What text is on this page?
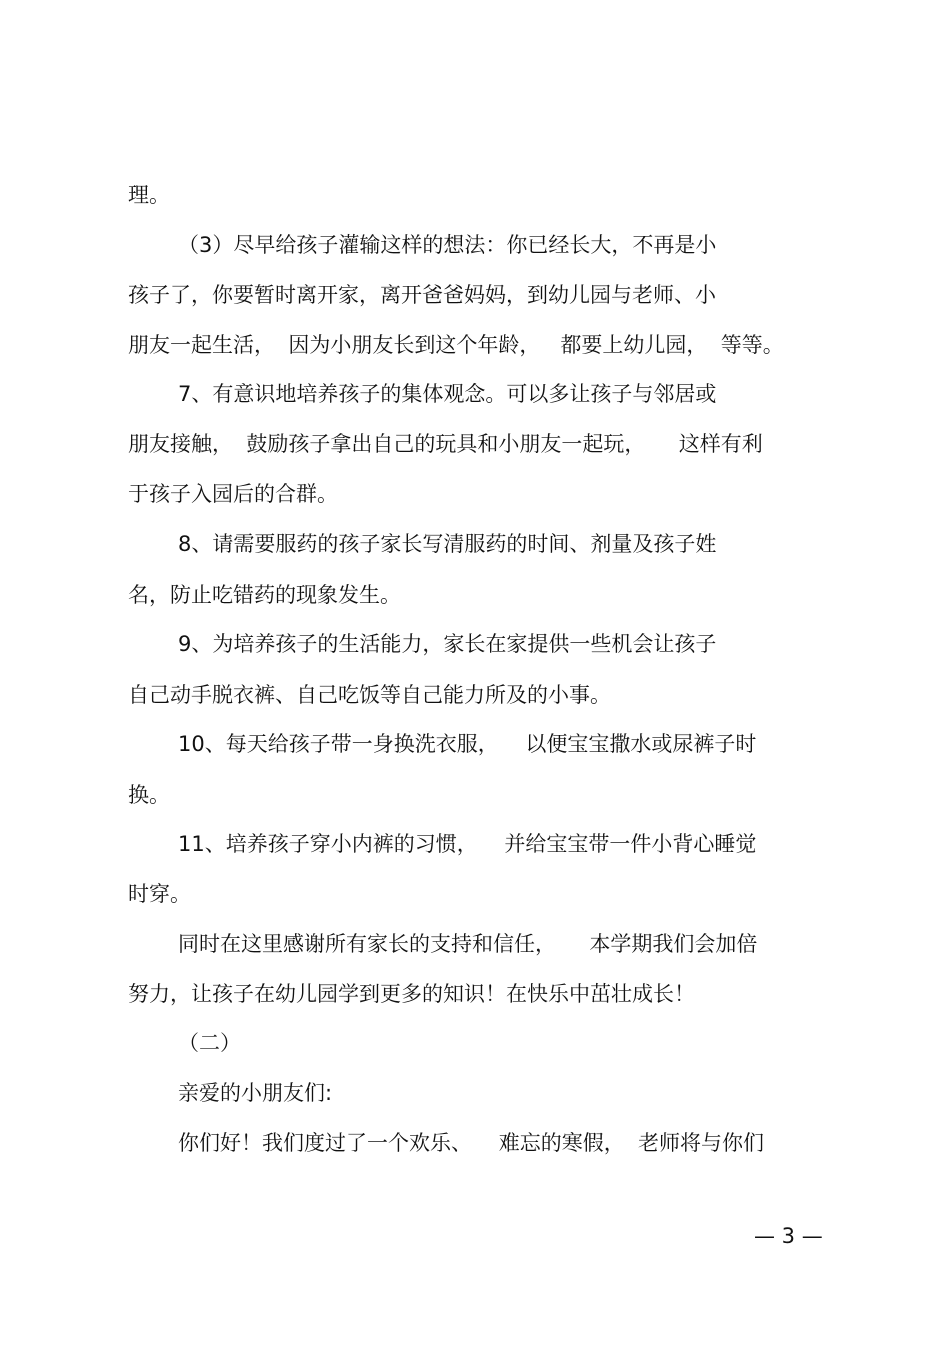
理。
（3）尽早给孩子灌输这样的想法：你已经长大，不再是小
孩子了，你要暂时离开家，离开爸爸妈妈，到幼儿园与老师、小
朋友一起生活，  因为小朋友长到这个年龄，   都要上幼儿园，  等等。
7、有意识地培养孩子的集体观念。可以多让孩子与邻居或
朋友接触，  鼓励孩子拿出自己的玩具和小朋友一起玩，     这样有利
于孩子入园后的合群。
8、请需要服药的孩子家长写清服药的时间、剂量及孩子姓
名，防止吃错药的现象发生。
9、为培养孩子的生活能力，家长在家提供一些机会让孩子
自己动手脱衣裤、自己吃饭等自己能力所及的小事。
10、每天给孩子带一身换洗衣服，    以便宝宝撒水或尿裤子时
换。
11、培养孩子穿小内裤的习惯，    并给宝宝带一件小背心睡觉
时穿。
同时在这里感谢所有家长的支持和信任，     本学期我们会加倍
努力，让孩子在幼儿园学到更多的知识！在快乐中茁壮成长！
（二）
亲爱的小朋友们:
你们好！我们度过了一个欢乐、    难忘的寒假，  老师将与你们
— 3 —
